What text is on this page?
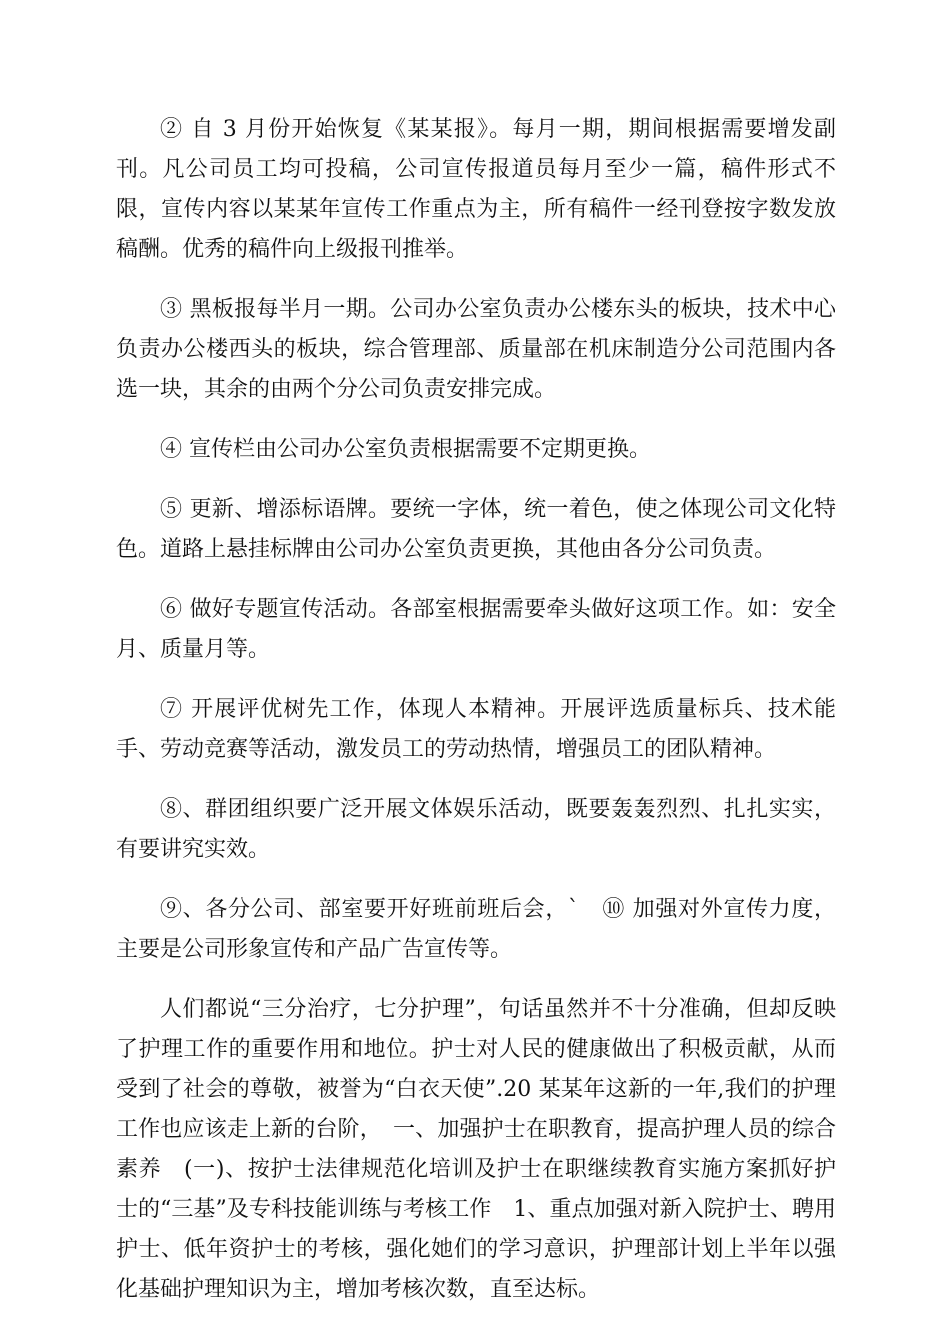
② 自 3 月份开始恢复《某某报》。每月一期，期间根据需要增发副刊。凡公司员工均可投稿，公司宣传报道员每月至少一篇，稿件形式不限，宣传内容以某某年宣传工作重点为主，所有稿件一经刊登按字数发放稿酬。优秀的稿件向上级报刊推举。

③ 黑板报每半月一期。公司办公室负责办公楼东头的板块，技术中心负责办公楼西头的板块，综合管理部、质量部在机床制造分公司范围内各选一块，其余的由两个分公司负责安排完成。

④ 宣传栏由公司办公室负责根据需要不定期更换。

⑤ 更新、增添标语牌。要统一字体，统一着色，使之体现公司文化特色。道路上悬挂标牌由公司办公室负责更换，其他由各分公司负责。

⑥ 做好专题宣传活动。各部室根据需要牵头做好这项工作。如：安全月、质量月等。

⑦ 开展评优树先工作，体现人本精神。开展评选质量标兵、技术能手、劳动竞赛等活动，激发员工的劳动热情，增强员工的团队精神。

⑧、群团组织要广泛开展文体娱乐活动，既要轰轰烈烈、扎扎实实，有要讲究实效。

⑨、各分公司、部室要开好班前班后会，`　⑩ 加强对外宣传力度，主要是公司形象宣传和产品广告宣传等。

人们都说“三分治疗，七分护理”，句话虽然并不十分准确，但却反映了护理工作的重要作用和地位。护士对人民的健康做出了积极贡献，从而受到了社会的尊敬，被誉为“白衣天使”.20 某某年这新的一年,我们的护理工作也应该走上新的台阶，　一、加强护士在职教育，提高护理人员的综合素养　(一)、按护士法律规范化培训及护士在职继续教育实施方案抓好护士的“三基”及专科技能训练与考核工作　1、重点加强对新入院护士、聘用护士、低年资护士的考核，强化她们的学习意识，护理部计划上半年以强化基础护理知识为主，增加考核次数，直至达标。
